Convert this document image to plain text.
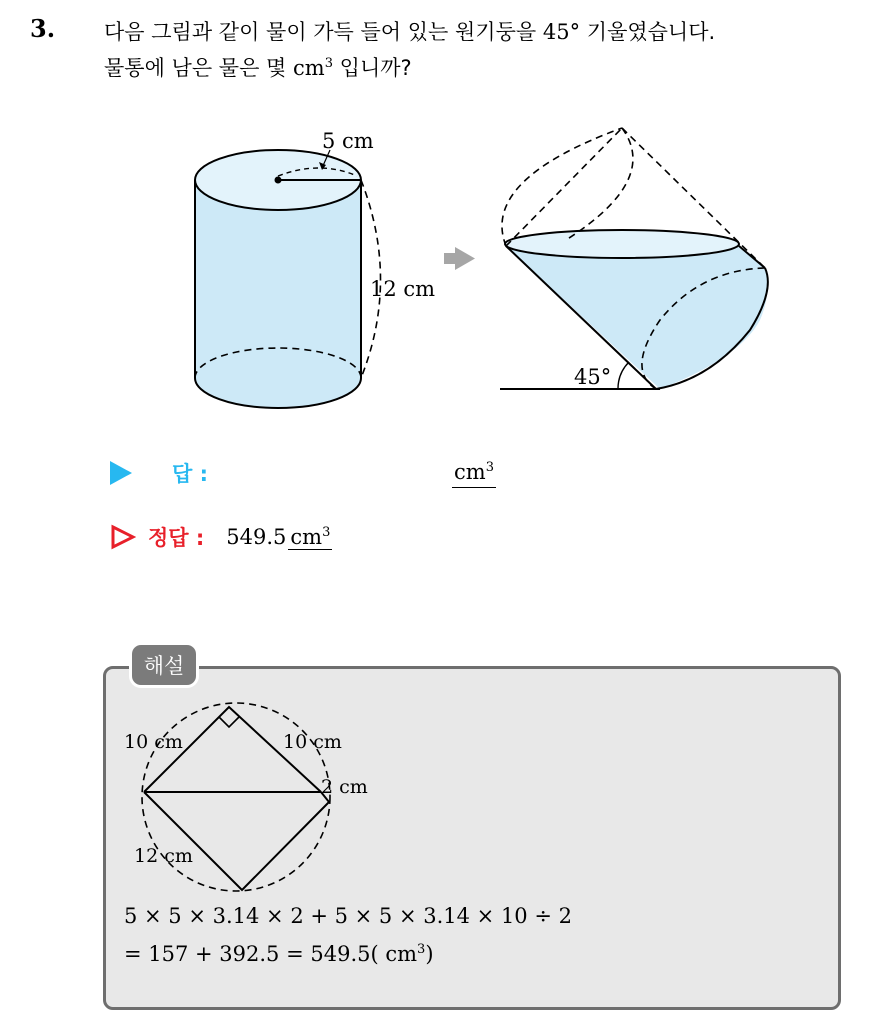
3. 다음 그림과 같이 물이 가득 들어 있는 원기둥을 45° 기울였습니다.
물통에 남은 물은 몇 $cm^3$ 입니까?
5 cm
12 cm
45°
답 :	$cm^3$
정답 : 549.5 $cm^3$
해설
10 cm	10 cm
2 cm
12 cm
5 × 5 × 3.14 × 2 + 5 × 5 × 3.14 × 10 ÷ 2
= 157 + 392.5 = 549.5( $cm^3$)
